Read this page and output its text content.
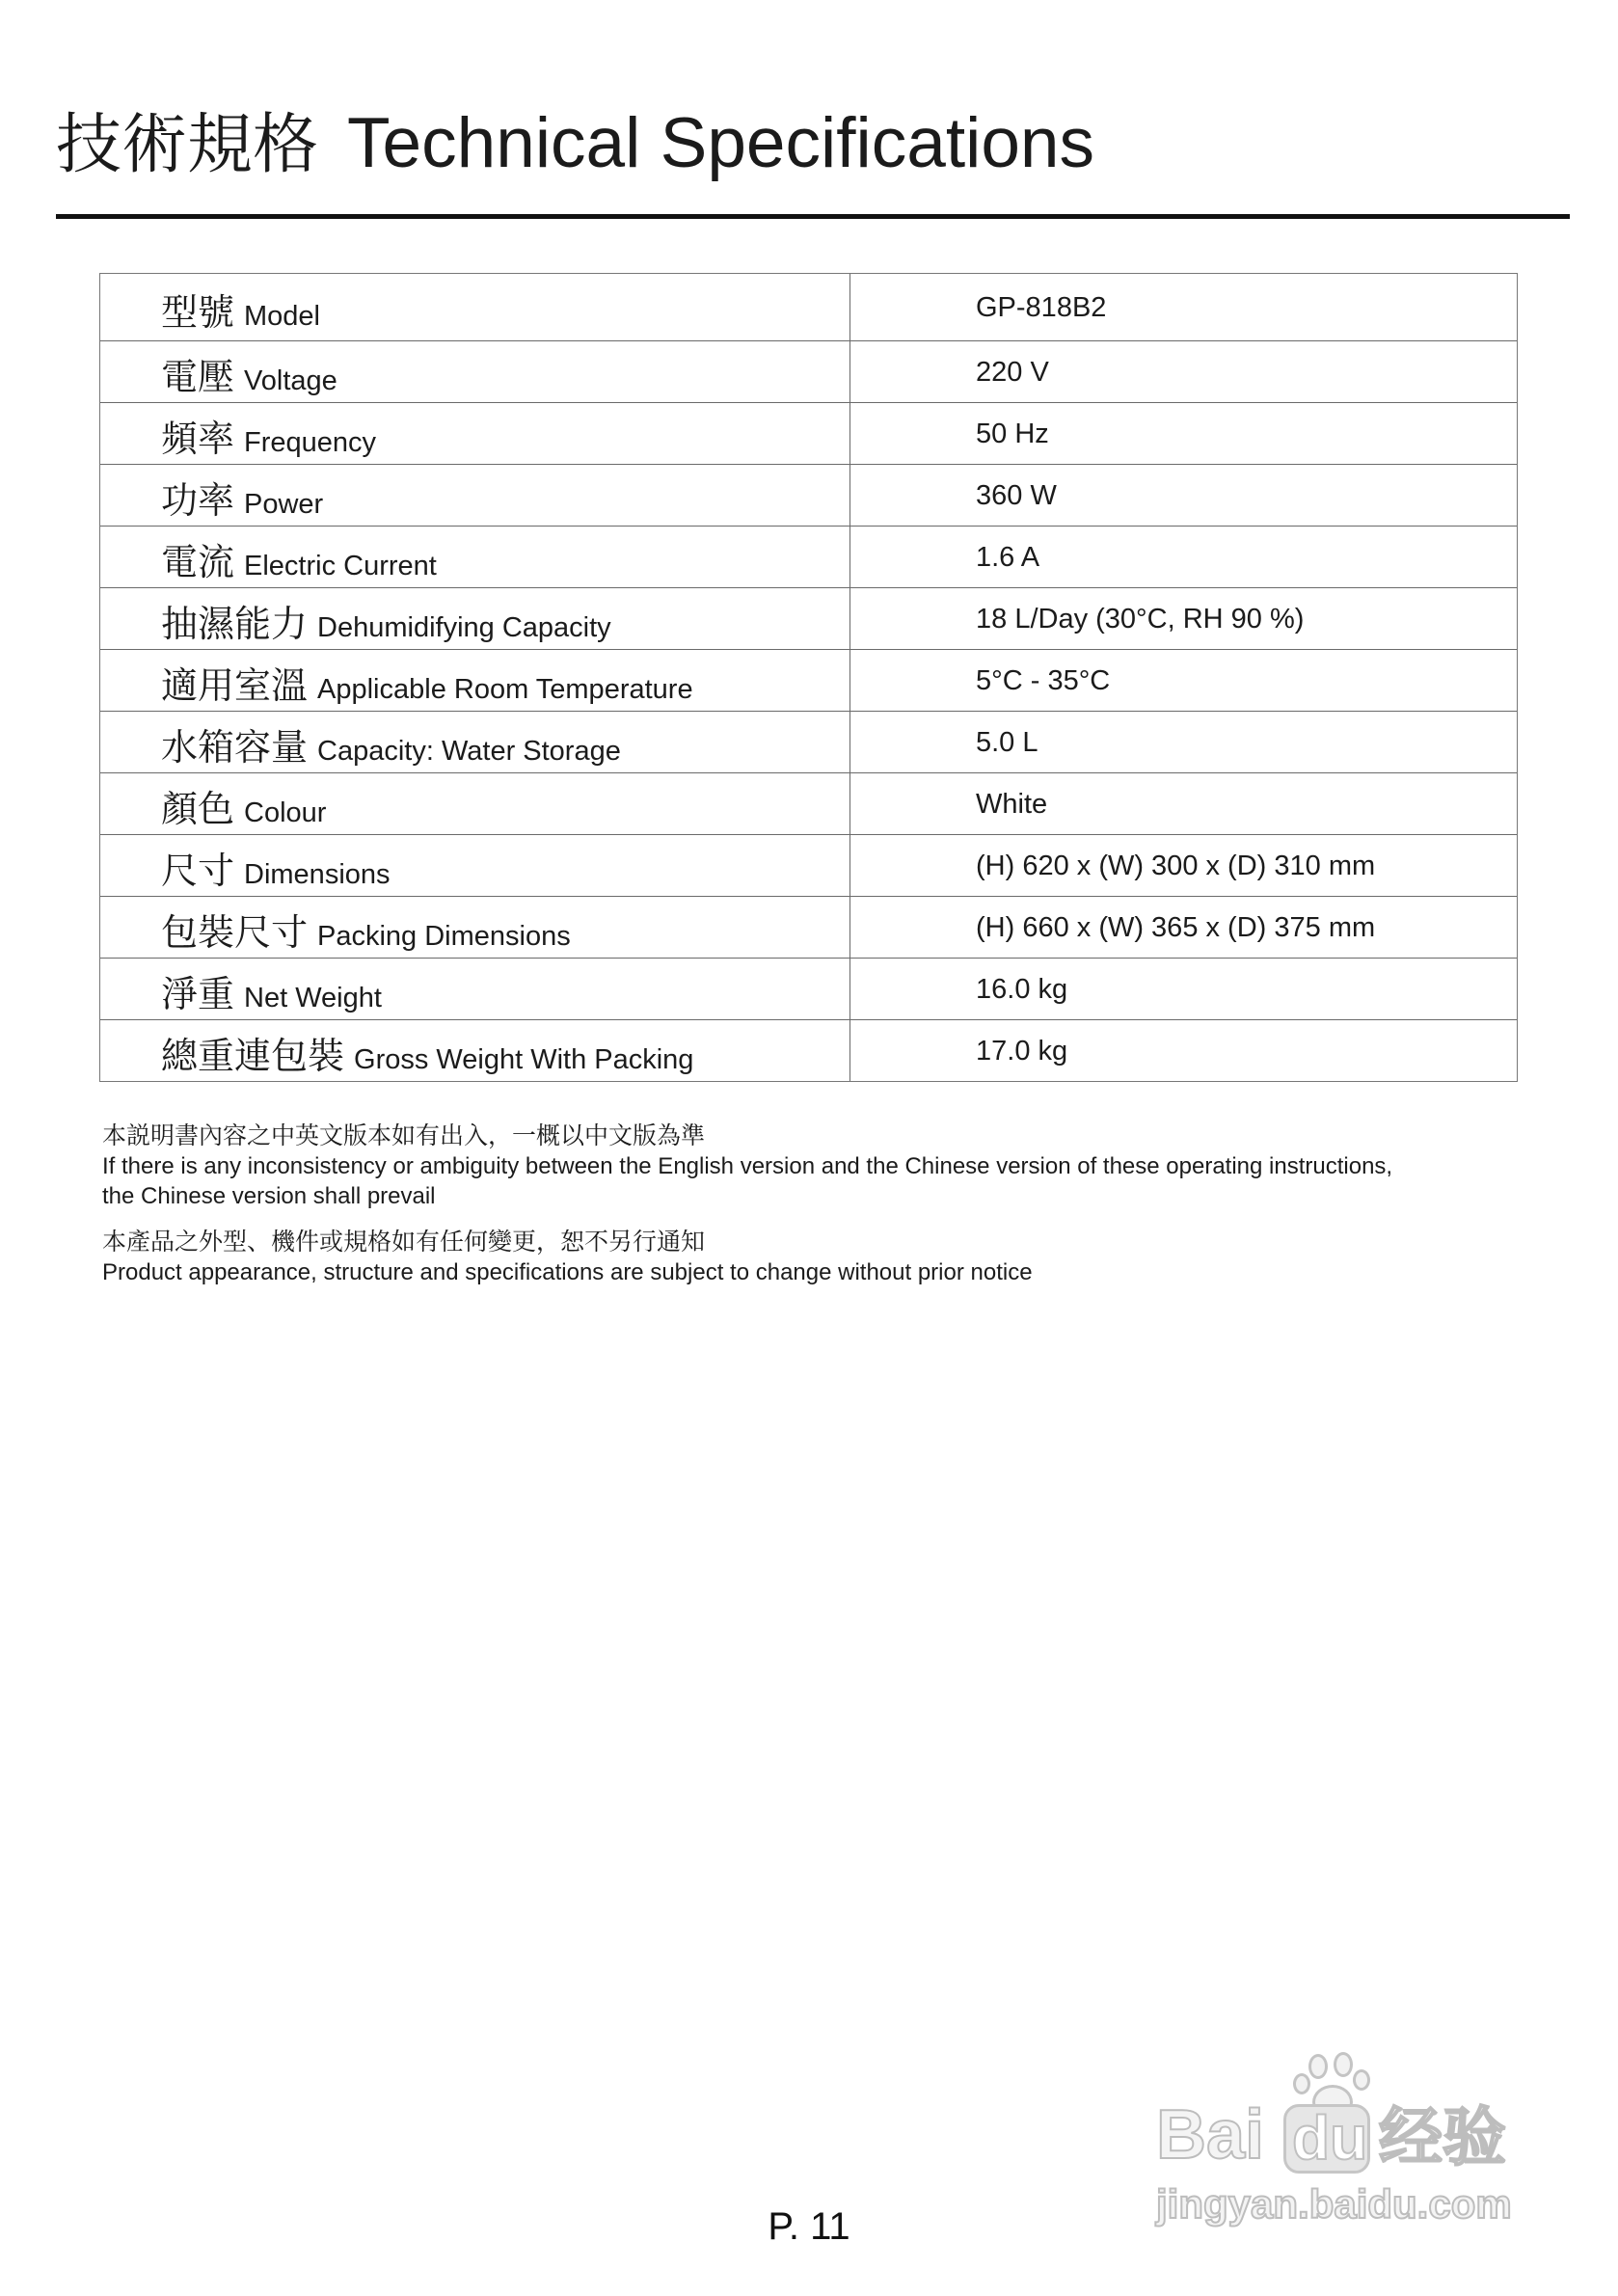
技術規格 Technical Specifications
型號 Model	GP-818B2
電壓 Voltage	220 V
頻率 Frequency	50 Hz
功率 Power	360 W
電流 Electric Current	1.6 A
抽濕能力 Dehumidifying Capacity	18 L/Day (30°C, RH 90 %)
適用室溫 Applicable Room Temperature	5°C - 35°C
水箱容量 Capacity: Water Storage	5.0 L
顏色 Colour	White
尺寸 Dimensions	(H) 620 x (W) 300 x (D) 310 mm
包裝尺寸 Packing Dimensions	(H) 660 x (W) 365 x (D) 375 mm
淨重 Net Weight	16.0 kg
總重連包裝 Gross Weight With Packing	17.0 kg
本説明書內容之中英文版本如有出入，一概以中文版為準
If there is any inconsistency or ambiguity between the English version and the Chinese version of these operating instructions,
the Chinese version shall prevail
本產品之外型、機件或規格如有任何變更，恕不另行通知
Product appearance, structure and specifications are subject to change without prior notice
P. 11
Bai du 经验
jingyan.baidu.com
